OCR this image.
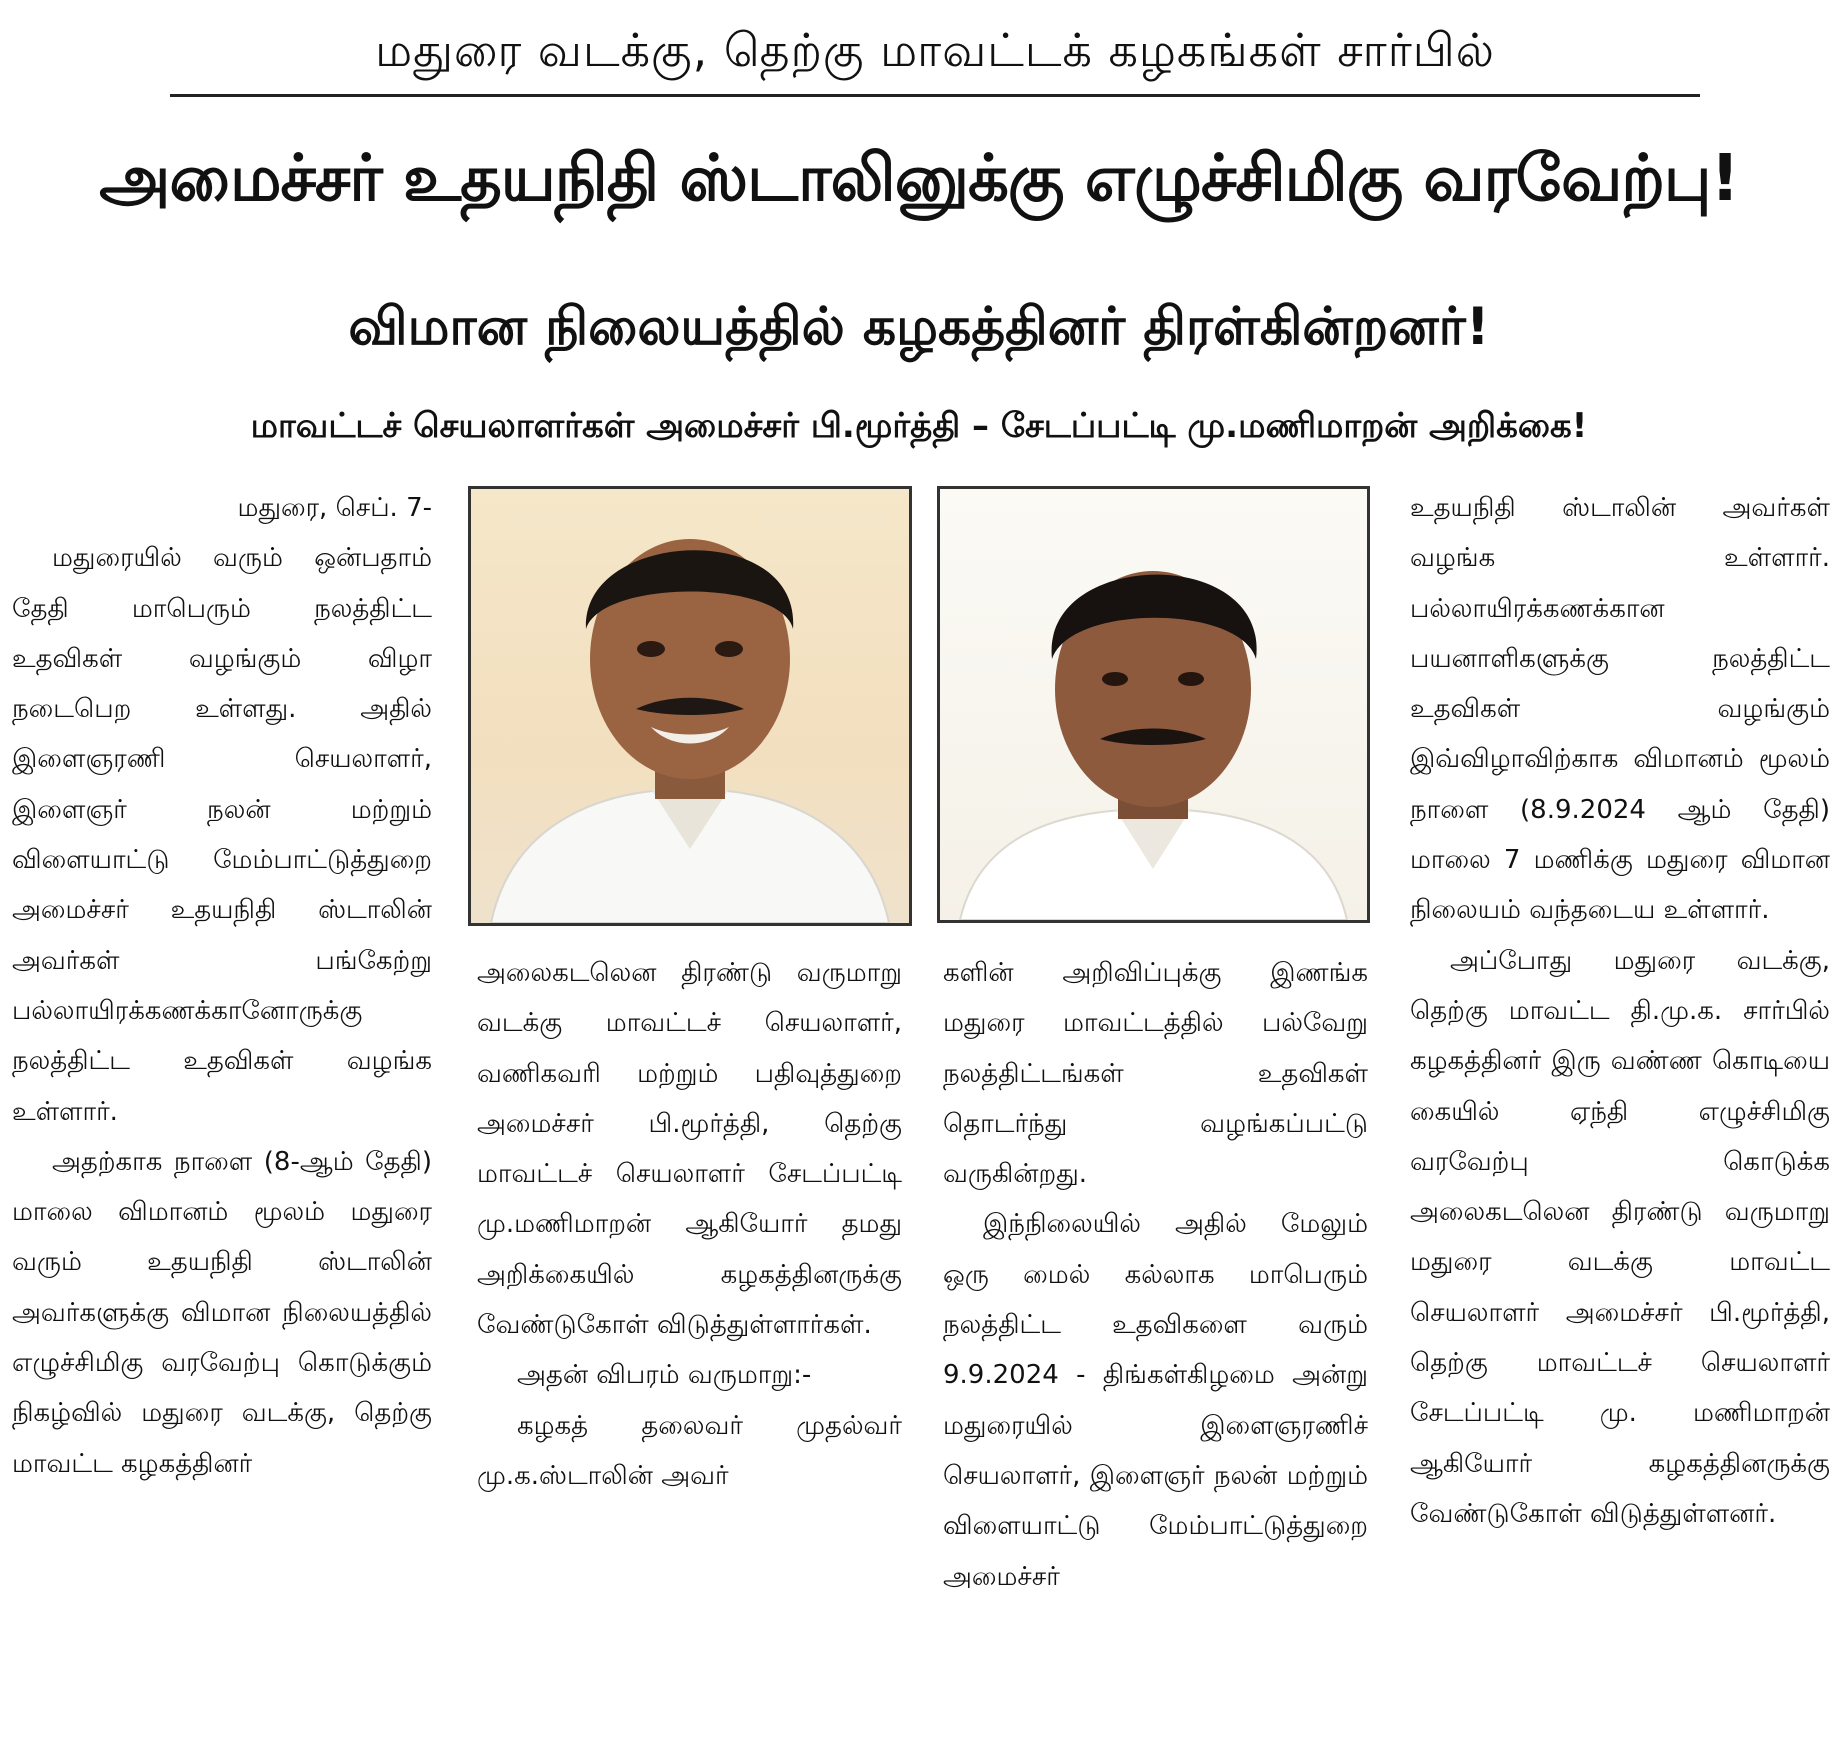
மதுரை வடக்கு, தெற்கு மாவட்டக் கழகங்கள் சார்பில்
அமைச்சர் உதயநிதி ஸ்டாலினுக்கு எழுச்சிமிகு வரவேற்பு!
விமான நிலையத்தில் கழகத்தினர் திரள்கின்றனர்!
மாவட்டச் செயலாளர்கள் அமைச்சர் பி.மூர்த்தி – சேடப்பட்டி மு.மணிமாறன் அறிக்கை!

மதுரை, செப். 7-

மதுரையில் வரும் ஒன்பதாம் தேதி மாபெரும் நலத்திட்ட உதவிகள் வழங்கும் விழா நடைபெற உள்ளது. அதில் இளைஞரணி செயலாளர், இளைஞர் நலன் மற்றும் விளையாட்டு மேம்பாட்டுத்துறை அமைச்சர் உதயநிதி ஸ்டாலின் அவர்கள் பங்கேற்று பல்லாயிரக்கணக்கானோருக்கு நலத்திட்ட உதவிகள் வழங்க உள்ளார்.

அதற்காக நாளை (8-ஆம் தேதி) மாலை விமானம் மூலம் மதுரை வரும் உதயநிதி ஸ்டாலின் அவர்களுக்கு விமான நிலையத்தில் எழுச்சிமிகு வரவேற்பு கொடுக்கும் நிகழ்வில் மதுரை வடக்கு, தெற்கு மாவட்ட கழகத்தினர்

அலைகடலென திரண்டு வருமாறு வடக்கு மாவட்டச் செயலாளர், வணிகவரி மற்றும் பதிவுத்துறை அமைச்சர் பி.மூர்த்தி, தெற்கு மாவட்டச் செயலாளர் சேடப்பட்டி மு.மணிமாறன் ஆகியோர் தமது அறிக்கையில் கழகத்தினருக்கு வேண்டுகோள் விடுத்துள்ளார்கள்.

அதன் விபரம் வருமாறு:-

கழகத் தலைவர் முதல்வர் மு.க.ஸ்டாலின் அவர்

களின் அறிவிப்புக்கு இணங்க மதுரை மாவட்டத்தில் பல்வேறு நலத்திட்டங்கள் உதவிகள் தொடர்ந்து வழங்கப்பட்டு வருகின்றது.

இந்நிலையில் அதில் மேலும் ஒரு மைல் கல்லாக மாபெரும் நலத்திட்ட உதவிகளை வரும் 9.9.2024 - திங்கள்கிழமை அன்று மதுரையில் இளைஞரணிச் செயலாளர், இளைஞர் நலன் மற்றும் விளையாட்டு மேம்பாட்டுத்துறை அமைச்சர்

உதயநிதி ஸ்டாலின் அவர்கள் வழங்க உள்ளார். பல்லாயிரக்கணக்கான பயனாளிகளுக்கு நலத்திட்ட உதவிகள் வழங்கும் இவ்விழாவிற்காக விமானம் மூலம் நாளை (8.9.2024 ஆம் தேதி) மாலை 7 மணிக்கு மதுரை விமான நிலையம் வந்தடைய உள்ளார்.

அப்போது மதுரை வடக்கு, தெற்கு மாவட்ட தி.மு.க. சார்பில் கழகத்தினர் இரு வண்ண கொடியை கையில் ஏந்தி எழுச்சிமிகு வரவேற்பு கொடுக்க அலைகடலென திரண்டு வருமாறு மதுரை வடக்கு மாவட்ட செயலாளர் அமைச்சர் பி.மூர்த்தி, தெற்கு மாவட்டச் செயலாளர் சேடப்பட்டி மு. மணிமாறன் ஆகியோர் கழகத்தினருக்கு வேண்டுகோள் விடுத்துள்ளனர்.
